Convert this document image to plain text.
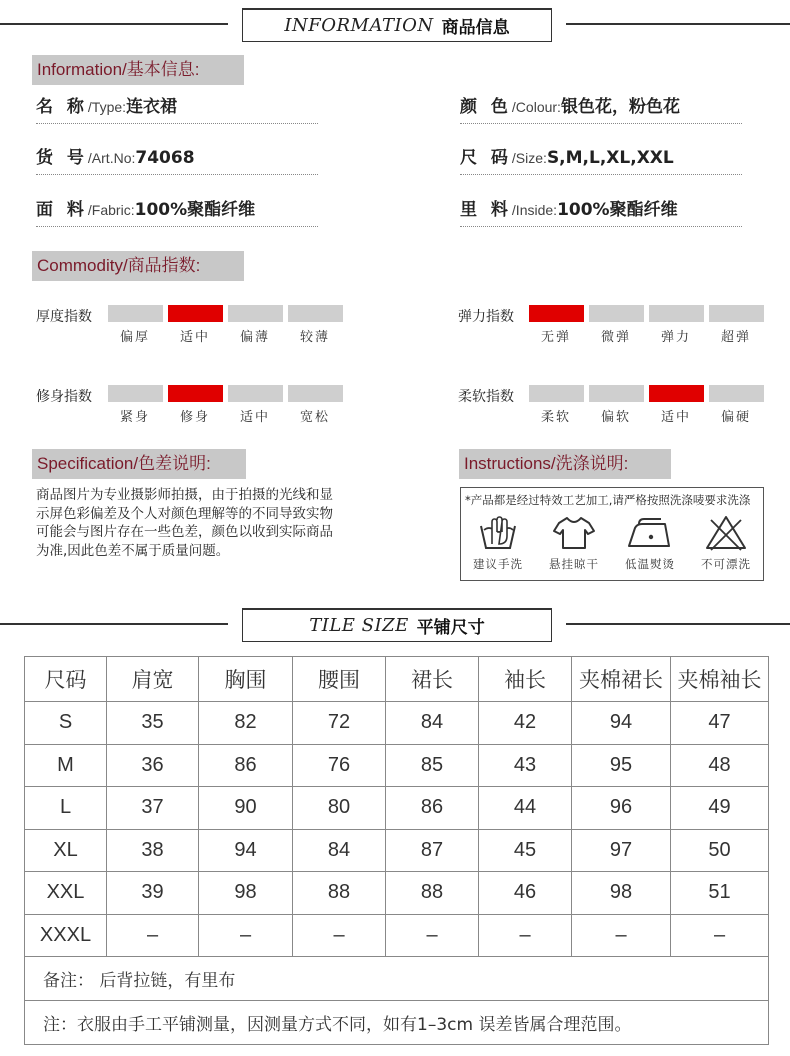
INFORMATION 商品信息
Information/基本信息:
名 称/Type:连衣裙	颜 色/Colour:银色花，粉色花
货 号/Art.No:74068	尺 码/Size:S,M,L,XL,XXL
面 料/Fabric:100%聚酯纤维	里 料/Inside:100%聚酯纤维
Commodity/商品指数:
厚度指数
偏厚	适中	偏薄	较薄
弹力指数
无弹	微弹	弹力	超弹
修身指数
紧身	修身	适中	宽松
柔软指数
柔软	偏软	适中	偏硬
Specification/色差说明:
商品图片为专业摄影师拍摄，由于拍摄的光线和显示屏色彩偏差及个人对颜色理解等的不同导致实物可能会与图片存在一些色差，颜色以收到实际商品为准,因此色差不属于质量问题。
Instructions/洗涤说明:
*产品都是经过特效工艺加工,请严格按照洗涤唛要求洗涤
建议手洗	悬挂晾干	低温熨烫	不可漂洗
TILE SIZE 平铺尺寸
尺码	肩宽	胸围	腰围	裙长	袖长	夹棉裙长	夹棉袖长
S	35	82	72	84	42	94	47
M	36	86	76	85	43	95	48
L	37	90	80	86	44	96	49
XL	38	94	84	87	45	97	50
XXL	39	98	88	88	46	98	51
XXXL	–	–	–	–	–	–	–
备注： 后背拉链，有里布							
注：衣服由手工平铺测量，因测量方式不同，如有1–3cm 误差皆属合理范围。							
